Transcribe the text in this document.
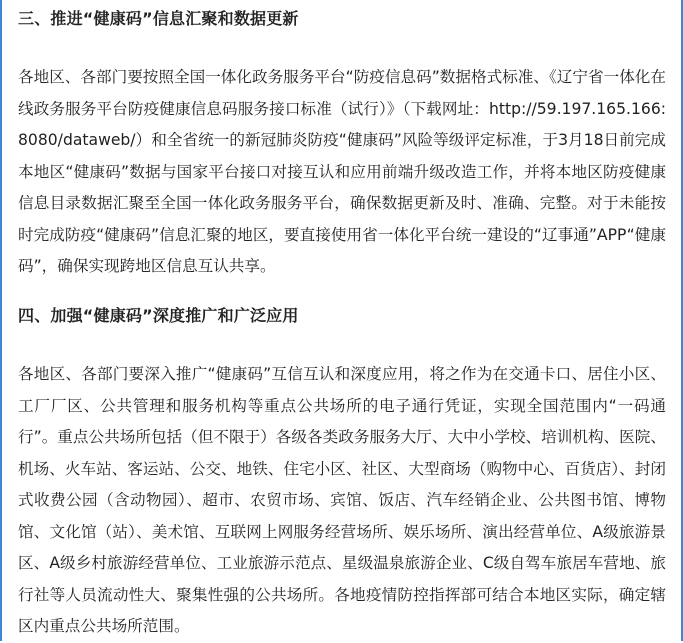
三、推进“健康码”信息汇聚和数据更新

各地区、各部门要按照全国一体化政务服务平台“防疫信息码”数据格式标准、《辽宁省一体化在线政务服务平台防疫健康信息码服务接口标准（试行）》（下载网址：http://59.197.165.166:8080/dataweb/）和全省统一的新冠肺炎防疫“健康码”风险等级评定标准，于3月18日前完成本地区“健康码”数据与国家平台接口对接互认和应用前端升级改造工作，并将本地区防疫健康信息目录数据汇聚至全国一体化政务服务平台，确保数据更新及时、准确、完整。对于未能按时完成防疫“健康码”信息汇聚的地区，要直接使用省一体化平台统一建设的“辽事通”APP“健康码”，确保实现跨地区信息互认共享。

四、加强“健康码”深度推广和广泛应用

各地区、各部门要深入推广“健康码”互信互认和深度应用，将之作为在交通卡口、居住小区、工厂厂区、公共管理和服务机构等重点公共场所的电子通行凭证，实现全国范围内“一码通行”。重点公共场所包括（但不限于）各级各类政务服务大厅、大中小学校、培训机构、医院、机场、火车站、客运站、公交、地铁、住宅小区、社区、大型商场（购物中心、百货店）、封闭式收费公园（含动物园）、超市、农贸市场、宾馆、饭店、汽车经销企业、公共图书馆、博物馆、文化馆（站）、美术馆、互联网上网服务经营场所、娱乐场所、演出经营单位、A级旅游景区、A级乡村旅游经营单位、工业旅游示范点、星级温泉旅游企业、C级自驾车旅居车营地、旅行社等人员流动性大、聚集性强的公共场所。各地疫情防控指挥部可结合本地区实际，确定辖区内重点公共场所范围。
